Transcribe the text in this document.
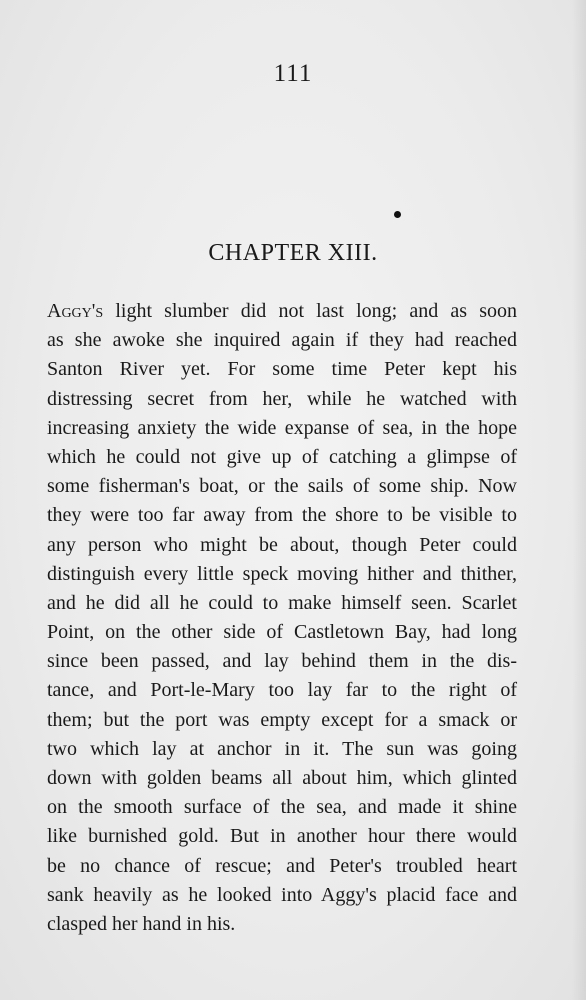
111
CHAPTER XIII.
Aggy's light slumber did not last long; and as soon
as she awoke she inquired again if they had reached
Santon River yet. For some time Peter kept his
distressing secret from her, while he watched with
increasing anxiety the wide expanse of sea, in the hope
which he could not give up of catching a glimpse of
some fisherman's boat, or the sails of some ship. Now
they were too far away from the shore to be visible to
any person who might be about, though Peter could
distinguish every little speck moving hither and thither,
and he did all he could to make himself seen. Scarlet
Point, on the other side of Castletown Bay, had long
since been passed, and lay behind them in the dis-
tance, and Port-le-Mary too lay far to the right of
them; but the port was empty except for a smack or
two which lay at anchor in it. The sun was going
down with golden beams all about him, which glinted
on the smooth surface of the sea, and made it shine
like burnished gold. But in another hour there would
be no chance of rescue; and Peter's troubled heart
sank heavily as he looked into Aggy's placid face and
clasped her hand in his.
